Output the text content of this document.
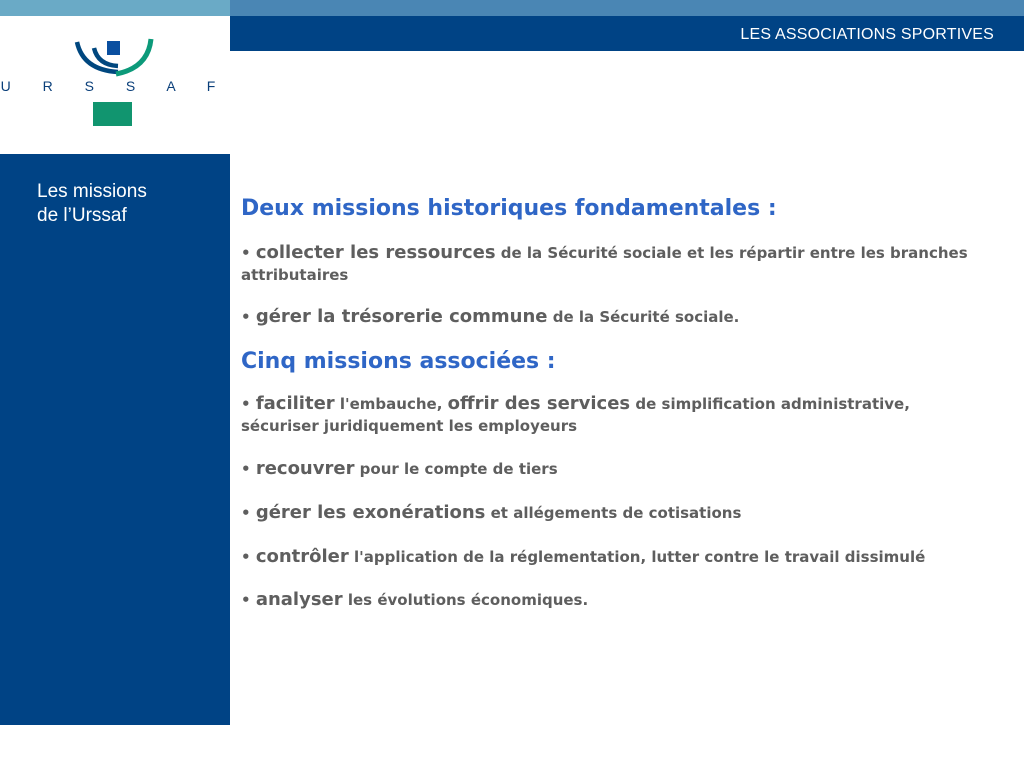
LES ASSOCIATIONS SPORTIVES
U R S S A F
Les missions
de l’Urssaf	Deux missions historiques fondamentales :

• collecter les ressources de la Sécurité sociale et les répartir entre les branches attributaires

• gérer la trésorerie commune de la Sécurité sociale.

Cinq missions associées :

• faciliter l'embauche, offrir des services de simplification administrative, sécuriser juridiquement les employeurs

• recouvrer pour le compte de tiers

• gérer les exonérations et allégements de cotisations

• contrôler l'application de la réglementation, lutter contre le travail dissimulé

• analyser les évolutions économiques.
